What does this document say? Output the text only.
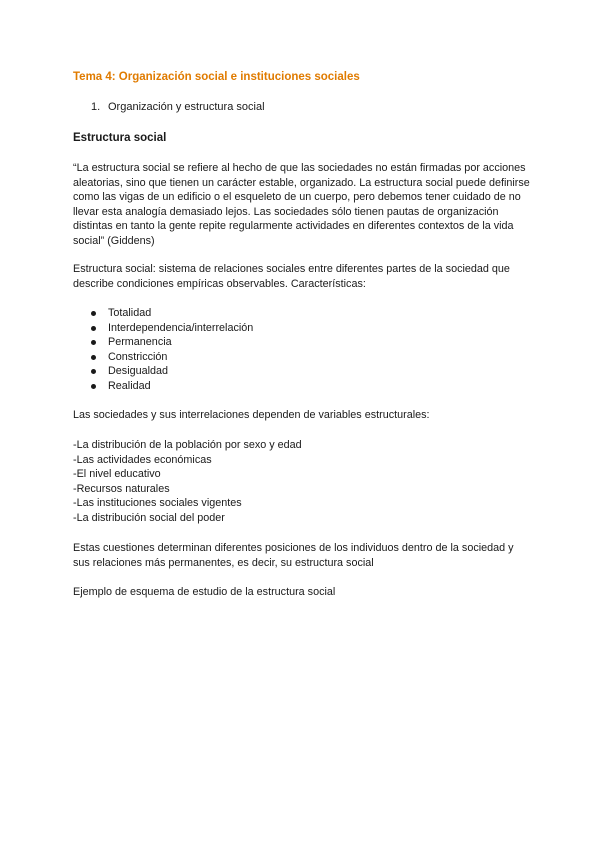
Tema 4: Organización social e instituciones sociales
1. Organización y estructura social
Estructura social

“La estructura social se refiere al hecho de que las sociedades no están firmadas por acciones aleatorias, sino que tienen un carácter estable, organizado. La estructura social puede definirse como las vigas de un edificio o el esqueleto de un cuerpo, pero debemos tener cuidado de no llevar esta analogía demasiado lejos. Las sociedades sólo tienen pautas de organización distintas en tanto la gente repite regularmente actividades en diferentes contextos de la vida social” (Giddens)

Estructura social: sistema de relaciones sociales entre diferentes partes de la sociedad que describe condiciones empíricas observables. Características:

Totalidad
Interdependencia/interrelación
Permanencia
Constricción
Desigualdad
Realidad

Las sociedades y sus interrelaciones dependen de variables estructurales:

-La distribución de la población por sexo y edad
-Las actividades económicas
-El nivel educativo
-Recursos naturales
-Las instituciones sociales vigentes
-La distribución social del poder

Estas cuestiones determinan diferentes posiciones de los individuos dentro de la sociedad y sus relaciones más permanentes, es decir, su estructura social

Ejemplo de esquema de estudio de la estructura social
